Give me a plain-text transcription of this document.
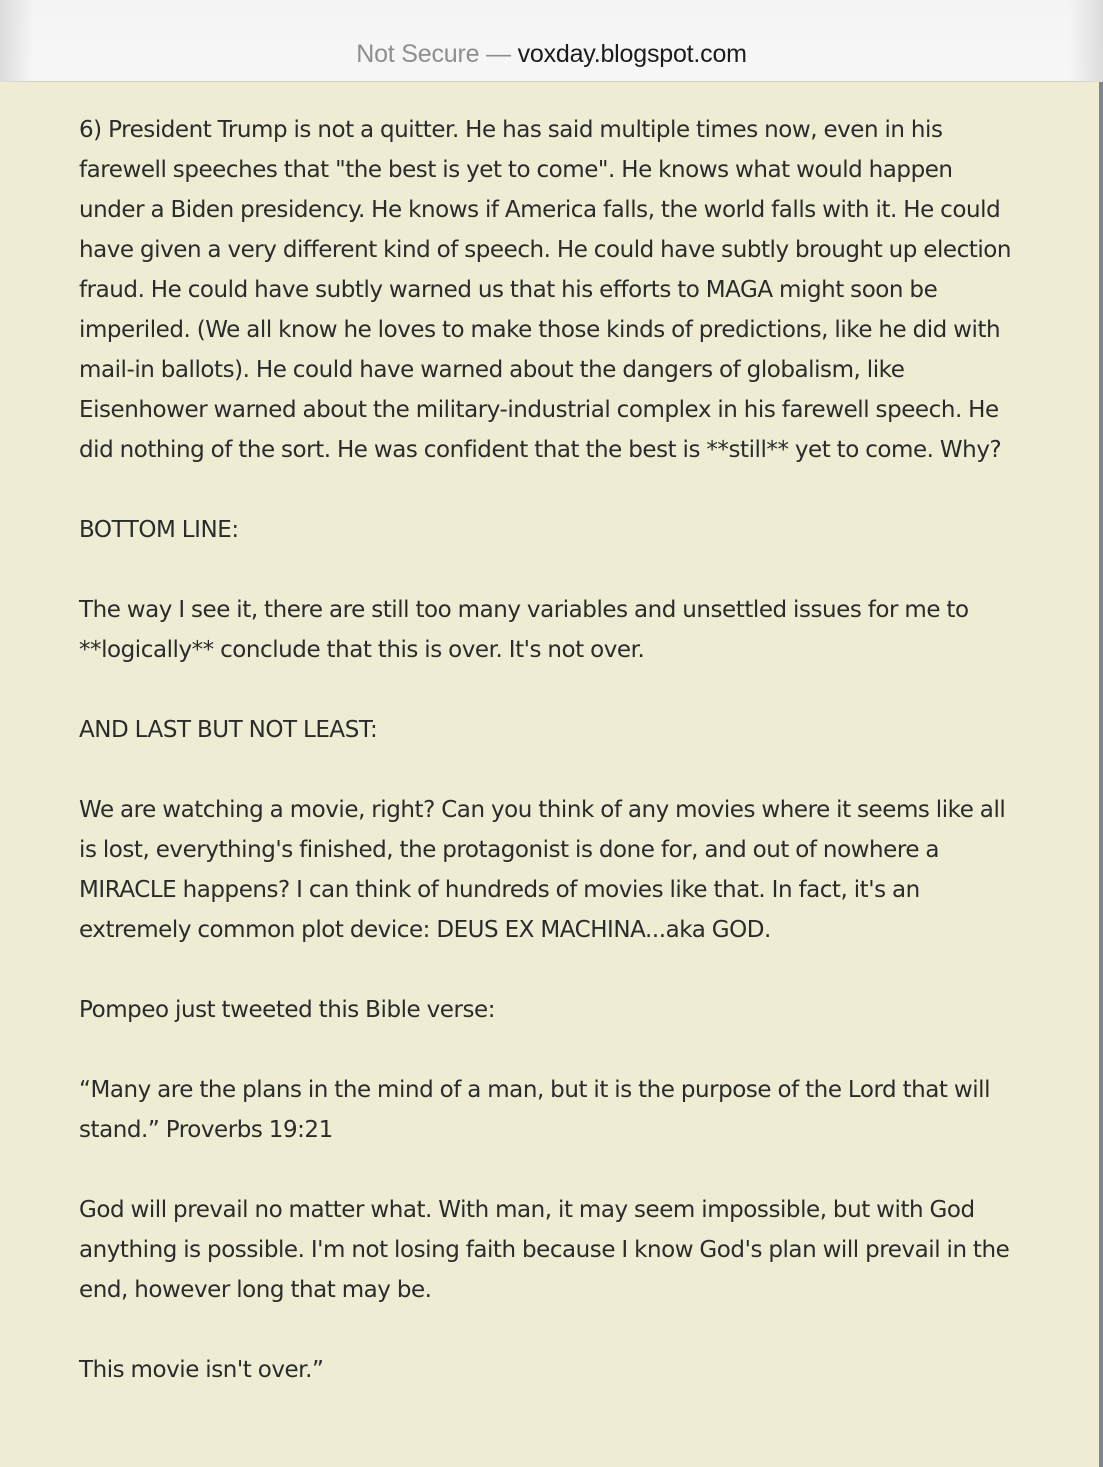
Not Secure — voxday.blogspot.com

6) President Trump is not a quitter. He has said multiple times now, even in his farewell speeches that "the best is yet to come". He knows what would happen under a Biden presidency. He knows if America falls, the world falls with it. He could have given a very different kind of speech. He could have subtly brought up election fraud. He could have subtly warned us that his efforts to MAGA might soon be imperiled. (We all know he loves to make those kinds of predictions, like he did with mail-in ballots). He could have warned about the dangers of globalism, like Eisenhower warned about the military-industrial complex in his farewell speech. He did nothing of the sort. He was confident that the best is **still** yet to come. Why?

BOTTOM LINE:

The way I see it, there are still too many variables and unsettled issues for me to **logically** conclude that this is over. It's not over.

AND LAST BUT NOT LEAST:

We are watching a movie, right? Can you think of any movies where it seems like all is lost, everything's finished, the protagonist is done for, and out of nowhere a MIRACLE happens? I can think of hundreds of movies like that. In fact, it's an extremely common plot device: DEUS EX MACHINA...aka GOD.

Pompeo just tweeted this Bible verse:

“Many are the plans in the mind of a man, but it is the purpose of the Lord that will stand.” Proverbs 19:21

God will prevail no matter what. With man, it may seem impossible, but with God anything is possible. I'm not losing faith because I know God's plan will prevail in the end, however long that may be.

This movie isn't over.”
